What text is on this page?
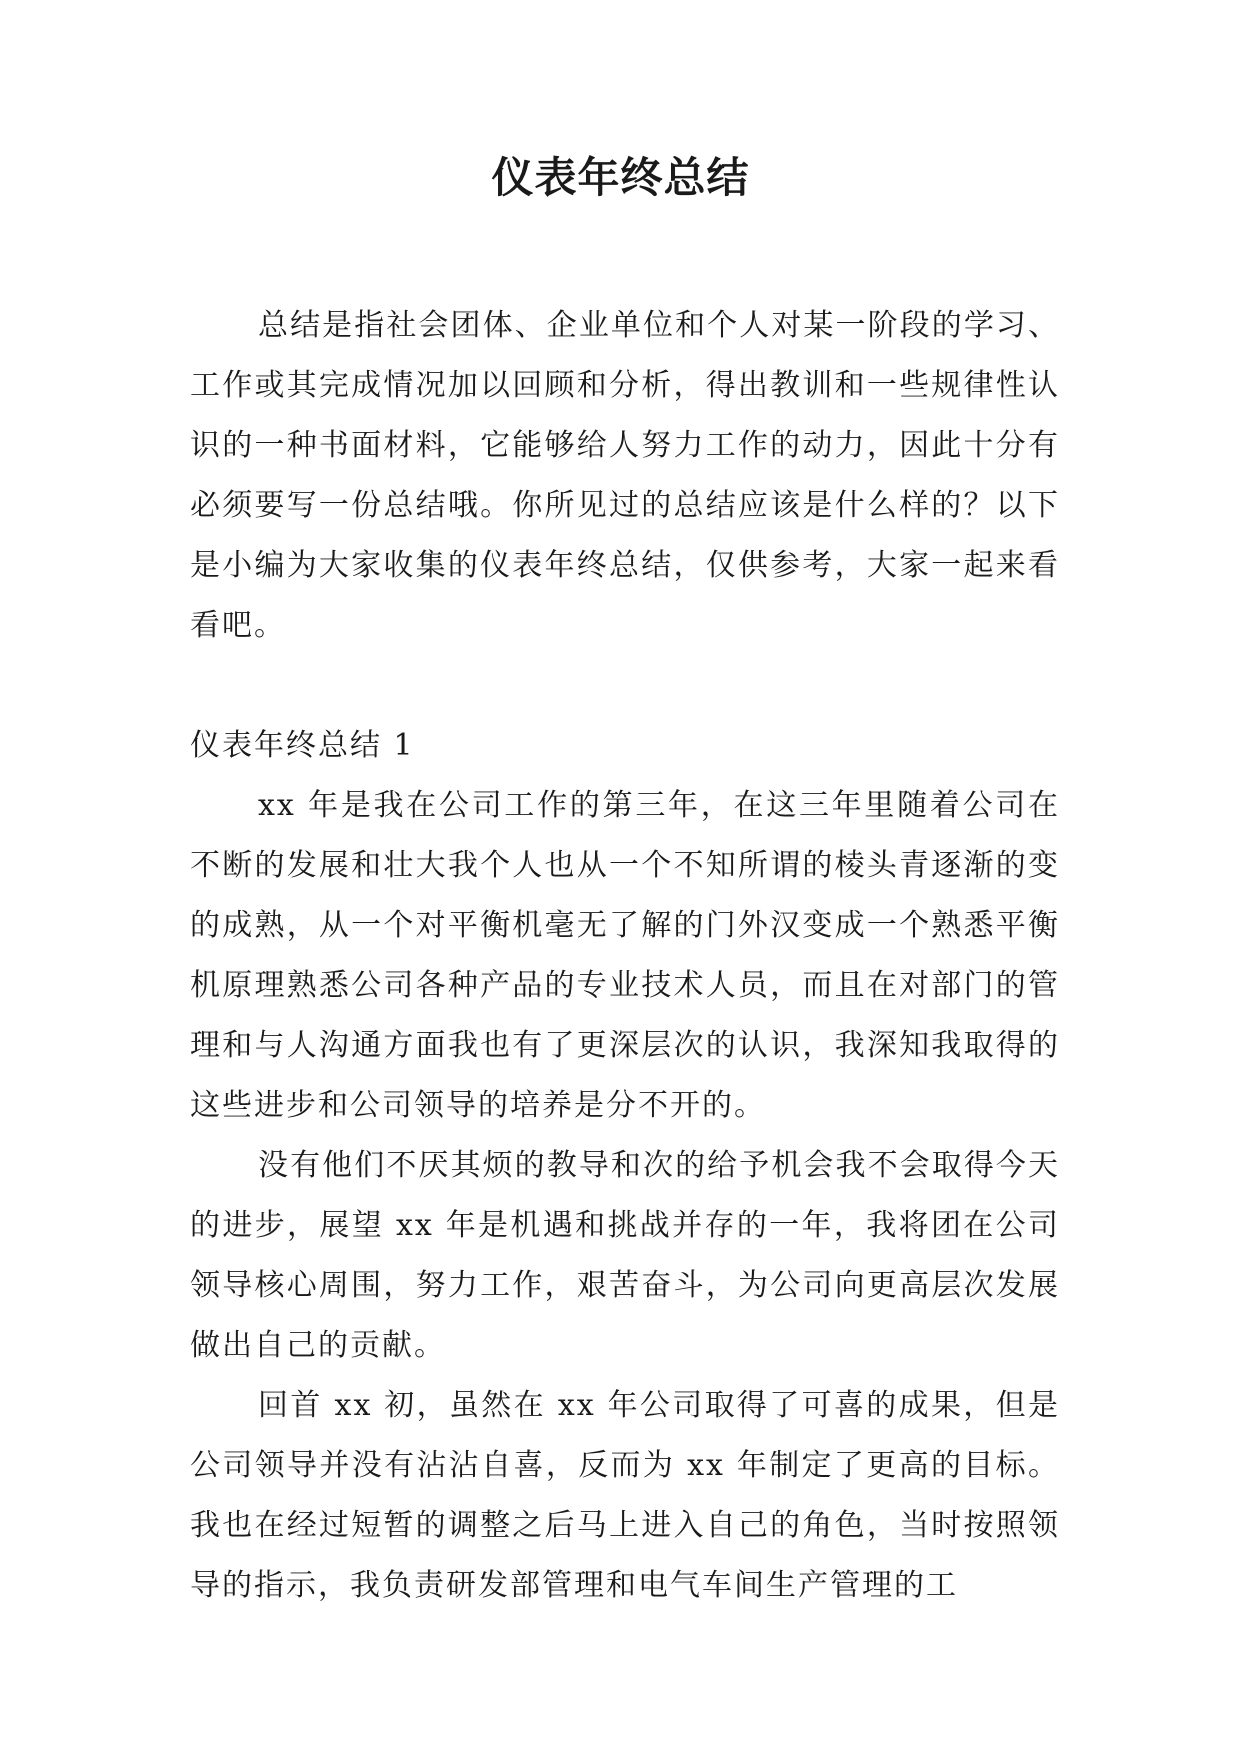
仪表年终总结

总结是指社会团体、企业单位和个人对某一阶段的学习、工作或其完成情况加以回顾和分析，得出教训和一些规律性认识的一种书面材料，它能够给人努力工作的动力，因此十分有必须要写一份总结哦。你所见过的总结应该是什么样的？以下是小编为大家收集的仪表年终总结，仅供参考，大家一起来看看吧。

仪表年终总结 1

xx 年是我在公司工作的第三年，在这三年里随着公司在不断的发展和壮大我个人也从一个不知所谓的棱头青逐渐的变的成熟，从一个对平衡机毫无了解的门外汉变成一个熟悉平衡机原理熟悉公司各种产品的专业技术人员，而且在对部门的管理和与人沟通方面我也有了更深层次的认识，我深知我取得的这些进步和公司领导的培养是分不开的。

没有他们不厌其烦的教导和次的给予机会我不会取得今天的进步，展望 xx 年是机遇和挑战并存的一年，我将团在公司领导核心周围，努力工作，艰苦奋斗，为公司向更高层次发展做出自己的贡献。

回首 xx 初，虽然在 xx 年公司取得了可喜的成果，但是公司领导并没有沾沾自喜，反而为 xx 年制定了更高的目标。我也在经过短暂的调整之后马上进入自己的角色，当时按照领导的指示，我负责研发部管理和电气车间生产管理的工
